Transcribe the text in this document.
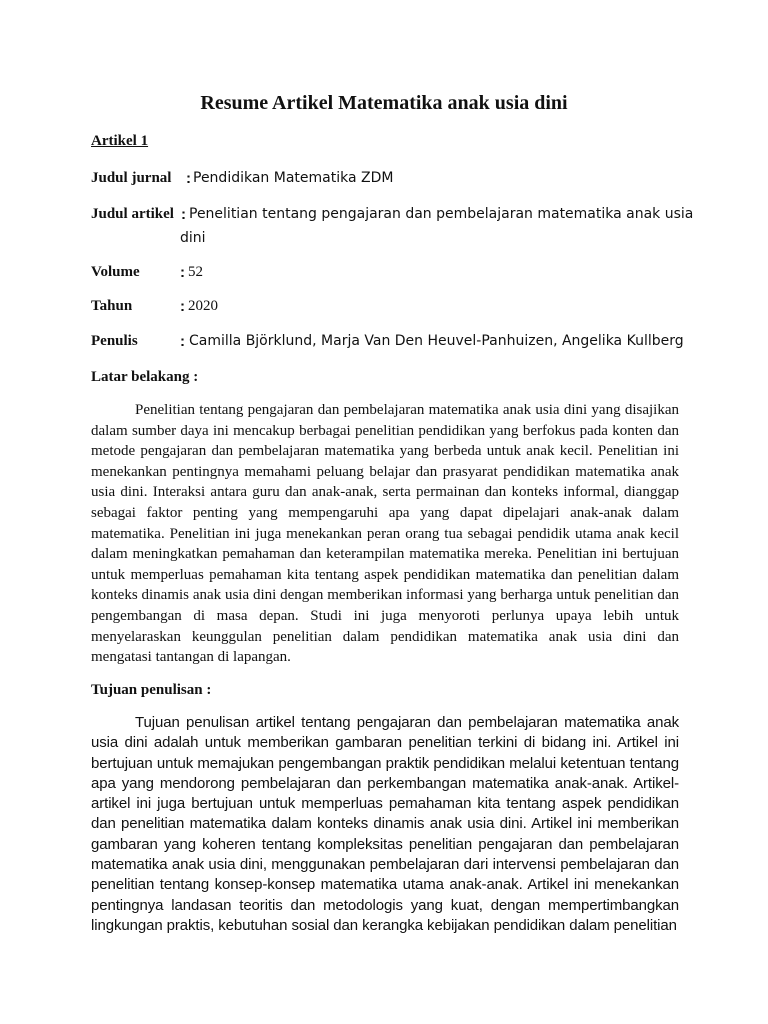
Resume Artikel Matematika anak usia dini
Artikel 1
Judul jurnal : Pendidikan Matematika ZDM
Judul artikel : Penelitian tentang pengajaran dan pembelajaran matematika anak usia
dini
Volume	: 52
Tahun	: 2020
Penulis	: Camilla Björklund, Marja Van Den Heuvel-Panhuizen, Angelika Kullberg
Latar belakang :

Penelitian tentang pengajaran dan pembelajaran matematika anak usia dini yang disajikan dalam sumber daya ini mencakup berbagai penelitian pendidikan yang berfokus pada konten dan metode pengajaran dan pembelajaran matematika yang berbeda untuk anak kecil. Penelitian ini menekankan pentingnya memahami peluang belajar dan prasyarat pendidikan matematika anak usia dini. Interaksi antara guru dan anak-anak, serta permainan dan konteks informal, dianggap sebagai faktor penting yang mempengaruhi apa yang dapat dipelajari anak-anak dalam matematika. Penelitian ini juga menekankan peran orang tua sebagai pendidik utama anak kecil dalam meningkatkan pemahaman dan keterampilan matematika mereka. Penelitian ini bertujuan untuk memperluas pemahaman kita tentang aspek pendidikan matematika dan penelitian dalam konteks dinamis anak usia dini dengan memberikan informasi yang berharga untuk penelitian dan pengembangan di masa depan. Studi ini juga menyoroti perlunya upaya lebih untuk menyelaraskan keunggulan penelitian dalam pendidikan matematika anak usia dini dan mengatasi tantangan di lapangan.

Tujuan penulisan :

Tujuan penulisan artikel tentang pengajaran dan pembelajaran matematika anak usia dini adalah untuk memberikan gambaran penelitian terkini di bidang ini. Artikel ini bertujuan untuk memajukan pengembangan praktik pendidikan melalui ketentuan tentang apa yang mendorong pembelajaran dan perkembangan matematika anak-anak. Artikel-artikel ini juga bertujuan untuk memperluas pemahaman kita tentang aspek pendidikan dan penelitian matematika dalam konteks dinamis anak usia dini. Artikel ini memberikan gambaran yang koheren tentang kompleksitas penelitian pengajaran dan pembelajaran matematika anak usia dini, menggunakan pembelajaran dari intervensi pembelajaran dan penelitian tentang konsep-konsep matematika utama anak-anak. Artikel ini menekankan pentingnya landasan teoritis dan metodologis yang kuat, dengan mempertimbangkan lingkungan praktis, kebutuhan sosial dan kerangka kebijakan pendidikan dalam penelitian
